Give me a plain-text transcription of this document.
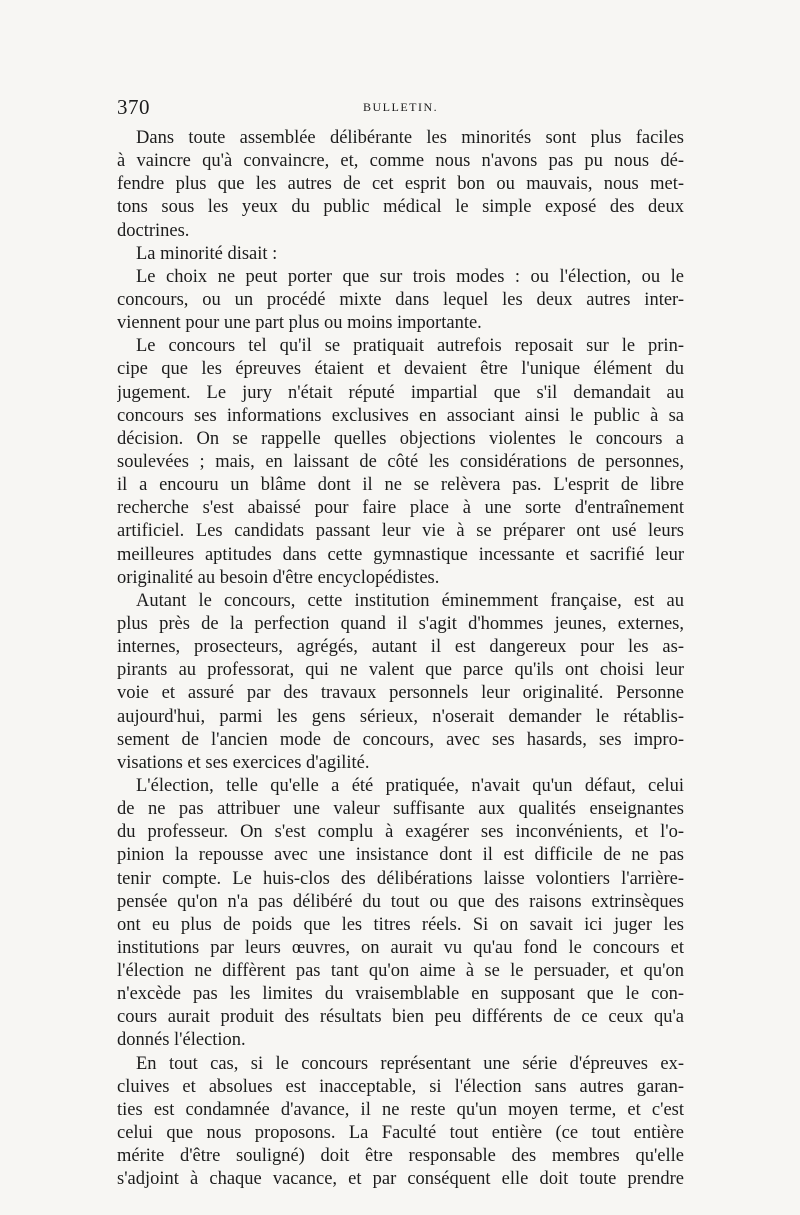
370	BULLETIN.
Dans toute assemblée délibérante les minorités sont plus faciles
à vaincre qu'à convaincre, et, comme nous n'avons pas pu nous dé-
fendre plus que les autres de cet esprit bon ou mauvais, nous met-
tons sous les yeux du public médical le simple exposé des deux
doctrines.
La minorité disait :
Le choix ne peut porter que sur trois modes : ou l'élection, ou le
concours, ou un procédé mixte dans lequel les deux autres inter-
viennent pour une part plus ou moins importante.
Le concours tel qu'il se pratiquait autrefois reposait sur le prin-
cipe que les épreuves étaient et devaient être l'unique élément du
jugement. Le jury n'était réputé impartial que s'il demandait au
concours ses informations exclusives en associant ainsi le public à sa
décision. On se rappelle quelles objections violentes le concours a
soulevées ; mais, en laissant de côté les considérations de personnes,
il a encouru un blâme dont il ne se relèvera pas. L'esprit de libre
recherche s'est abaissé pour faire place à une sorte d'entraînement
artificiel. Les candidats passant leur vie à se préparer ont usé leurs
meilleures aptitudes dans cette gymnastique incessante et sacrifié leur
originalité au besoin d'être encyclopédistes.
Autant le concours, cette institution éminemment française, est au
plus près de la perfection quand il s'agit d'hommes jeunes, externes,
internes, prosecteurs, agrégés, autant il est dangereux pour les as-
pirants au professorat, qui ne valent que parce qu'ils ont choisi leur
voie et assuré par des travaux personnels leur originalité. Personne
aujourd'hui, parmi les gens sérieux, n'oserait demander le rétablis-
sement de l'ancien mode de concours, avec ses hasards, ses impro-
visations et ses exercices d'agilité.
L'élection, telle qu'elle a été pratiquée, n'avait qu'un défaut, celui
de ne pas attribuer une valeur suffisante aux qualités enseignantes
du professeur. On s'est complu à exagérer ses inconvénients, et l'o-
pinion la repousse avec une insistance dont il est difficile de ne pas
tenir compte. Le huis-clos des délibérations laisse volontiers l'arrière-
pensée qu'on n'a pas délibéré du tout ou que des raisons extrinsèques
ont eu plus de poids que les titres réels. Si on savait ici juger les
institutions par leurs œuvres, on aurait vu qu'au fond le concours et
l'élection ne diffèrent pas tant qu'on aime à se le persuader, et qu'on
n'excède pas les limites du vraisemblable en supposant que le con-
cours aurait produit des résultats bien peu différents de ce ceux qu'a
donnés l'élection.
En tout cas, si le concours représentant une série d'épreuves ex-
cluives et absolues est inacceptable, si l'élection sans autres garan-
ties est condamnée d'avance, il ne reste qu'un moyen terme, et c'est
celui que nous proposons. La Faculté tout entière (ce tout entière
mérite d'être souligné) doit être responsable des membres qu'elle
s'adjoint à chaque vacance, et par conséquent elle doit toute prendre
